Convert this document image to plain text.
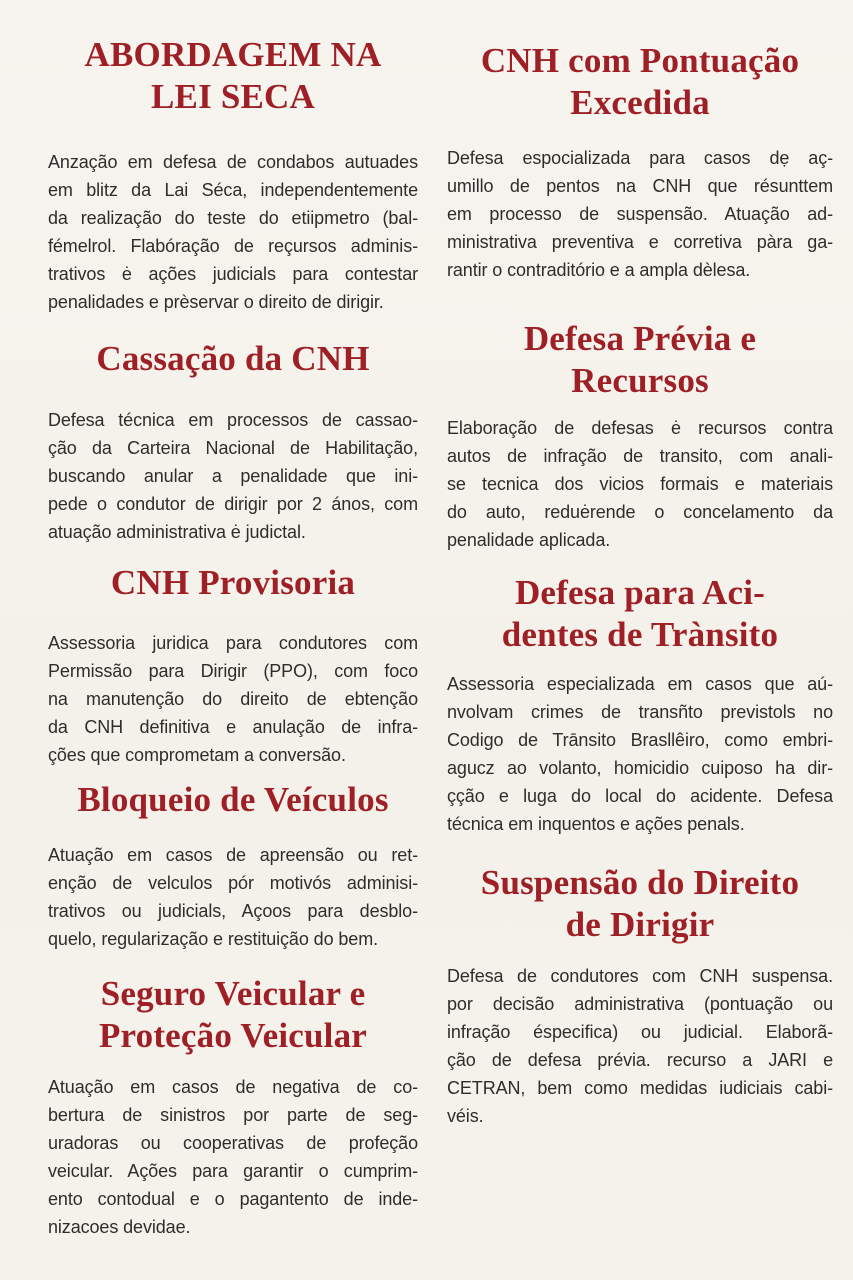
ABORDAGEM NA
LEI SECA
Anzação em defesa de condabos autuades
em blitz da Lai Séca, independentemente
da realização do teste do etiipmetro (bal-
fémelrol. Flabóração de reçursos adminis-
trativos ė ações judicials para contestar
penalidades e prèservar o direito de dirigir.
Cassação da CNH
Defesa técnica em processos de cassao-
ção da Carteira Nacional de Habilitação,
buscando anular a penalidade que ini-
pede o condutor de dirigir por 2 ános, com
atuação administrativa ė judictal.
CNH Provisoria
Assessoria juridica para condutores com
Permissão para Dirigir (PPO), com foco
na manutenção do direito de ebtenção
da CNH definitiva e anulação de infra-
ções que comprometam a conversão.
Bloqueio de Veículos
Atuação em casos de apreensão ou ret-
enção de velculos pór motivós adminisi-
trativos ou judicials, Açoos para desblo-
quelo, regularização e restituição do bem.
Seguro Veicular e
Proteção Veicular
Atuação em casos de negativa de co-
bertura de sinistros por parte de seg-
uradoras ou cooperativas de profeção
veicular. Ações para garantir o cumprim-
ento contodual e o pagantento de inde-
nizacoes devidae.
CNH com Pontuação
Excedida
Defesa espocializada para casos dẹ aç-
umillo de pentos na CNH que résunttem
em processo de suspensão. Atuação ad-
ministrativa preventiva e corretiva pàra ga-
rantir o contraditório e a ampla dèlesa.
Defesa Prévia e
Recursos
Elaboração de defesas ė recursos contra
autos de infração de transito, com anali-
se tecnica dos vicios formais e materiais
do auto, reduėrende o concelamento da
penalidade aplicada.
Defesa para Aci-
dentes de Trànsito
Assessoria especializada em casos que aú-
nvolvam crimes de transñto previstols no
Codigo de Trānsito Brasllêiro, como embri-
agucz ao volanto, homicidio cuiposo ha dir-
çção e luga do local do acidente. Defesa
técnica em inquentos e ações penals.
Suspensão do Direito
de Dirigir
Defesa de condutores com CNH suspensa.
por decisão administrativa (pontuação ou
infração éspecifica) ou judicial. Elaborã-
ção de defesa prévia. recurso a JARI e
CETRAN, bem como medidas iudiciais cabi-
véis.
